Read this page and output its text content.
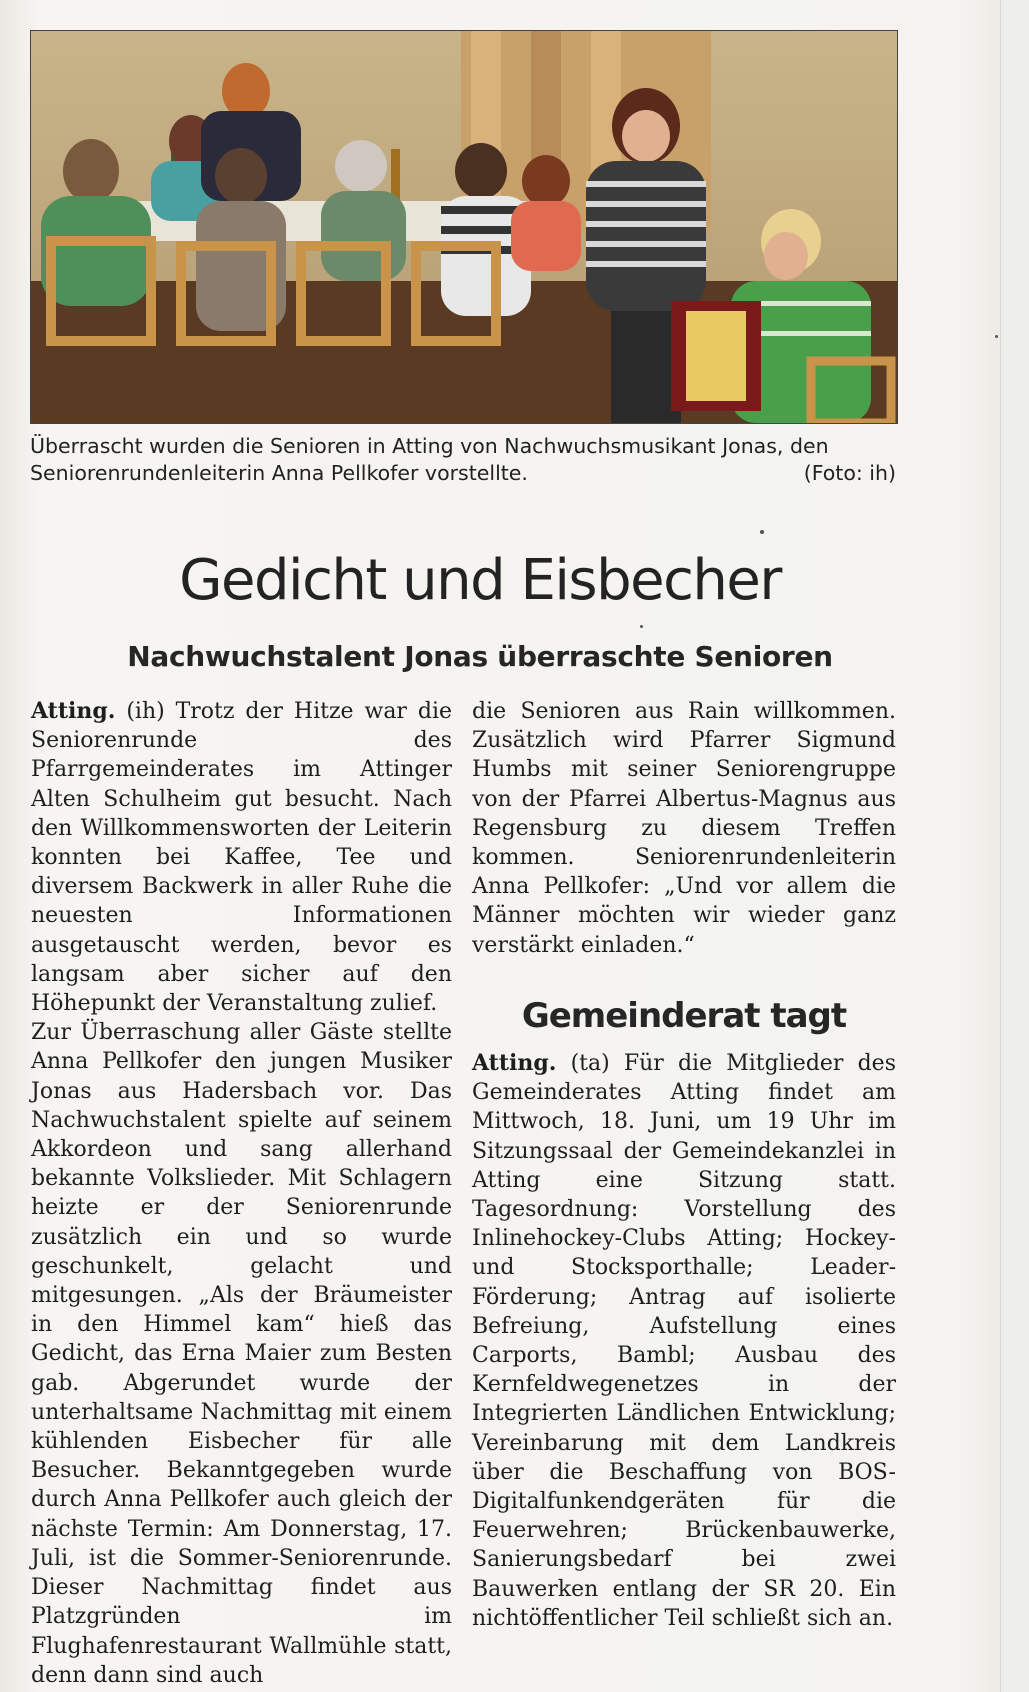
Überrascht wurden die Senioren in Atting von Nachwuchsmusikant Jonas, den Seniorenrundenleiterin Anna Pellkofer vorstellte.	(Foto: ih)
Gedicht und Eisbecher
Nachwuchstalent Jonas überraschte Senioren

Atting. (ih) Trotz der Hitze war die Seniorenrunde des Pfarrgemeinderates im Attinger Alten Schulheim gut besucht. Nach den Willkommensworten der Leiterin konnten bei Kaffee, Tee und diversem Backwerk in aller Ruhe die neuesten Informationen ausgetauscht werden, bevor es langsam aber sicher auf den Höhepunkt der Veranstaltung zulief.

Zur Überraschung aller Gäste stellte Anna Pellkofer den jungen Musiker Jonas aus Hadersbach vor. Das Nachwuchstalent spielte auf seinem Akkordeon und sang allerhand bekannte Volkslieder. Mit Schlagern heizte er der Seniorenrunde zusätzlich ein und so wurde geschunkelt, gelacht und mitgesungen. „Als der Bräumeister in den Himmel kam“ hieß das Gedicht, das Erna Maier zum Besten gab. Abgerundet wurde der unterhaltsame Nachmittag mit einem kühlenden Eisbecher für alle Besucher. Bekanntgegeben wurde durch Anna Pellkofer auch gleich der nächste Termin: Am Donnerstag, 17. Juli, ist die Sommer-Seniorenrunde. Dieser Nachmittag findet aus Platzgründen im Flughafenrestaurant Wallmühle statt, denn dann sind auch

die Senioren aus Rain willkommen. Zusätzlich wird Pfarrer Sigmund Humbs mit seiner Seniorengruppe von der Pfarrei Albertus-Magnus aus Regensburg zu diesem Treffen kommen. Seniorenrundenleiterin Anna Pellkofer: „Und vor allem die Männer möchten wir wieder ganz verstärkt einladen.“

Gemeinderat tagt

Atting. (ta) Für die Mitglieder des Gemeinderates Atting findet am Mittwoch, 18. Juni, um 19 Uhr im Sitzungssaal der Gemeindekanzlei in Atting eine Sitzung statt. Tagesordnung: Vorstellung des Inlinehockey-Clubs Atting; Hockey- und Stocksporthalle; Leader-Förderung; Antrag auf isolierte Befreiung, Aufstellung eines Carports, Bambl; Ausbau des Kernfeldwegenetzes in der Integrierten Ländlichen Entwicklung; Vereinbarung mit dem Landkreis über die Beschaffung von BOS-Digitalfunkendgeräten für die Feuerwehren; Brückenbauwerke, Sanierungsbedarf bei zwei Bauwerken entlang der SR 20. Ein nichtöffentlicher Teil schließt sich an.
